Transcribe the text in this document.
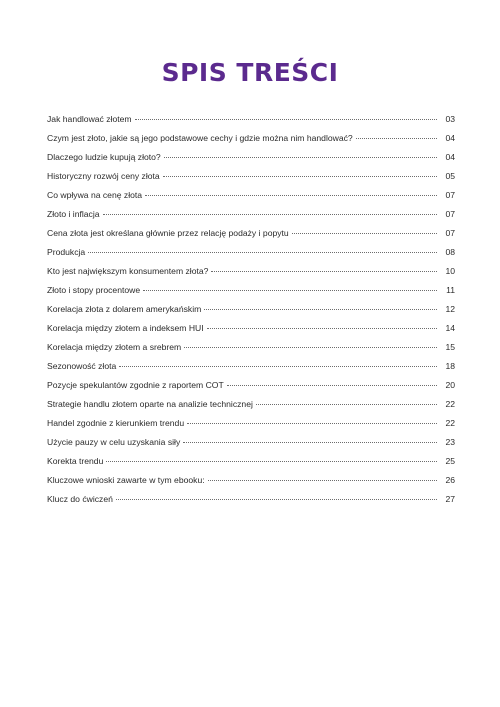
SPIS TREŚCI
Jak handlować złotem	03
Czym jest złoto, jakie są jego podstawowe cechy i gdzie można nim handlować?	04
Dlaczego ludzie kupują złoto?	04
Historyczny rozwój ceny złota	05
Co wpływa na cenę złota	07
Złoto i inflacja	07
Cena złota jest określana głównie przez relację podaży i popytu	07
Produkcja	08
Kto jest największym konsumentem złota?	10
Złoto i stopy procentowe	11
Korelacja złota z dolarem amerykańskim	12
Korelacja między złotem a indeksem HUI	14
Korelacja między złotem a srebrem	15
Sezonowość złota	18
Pozycje spekulantów zgodnie z raportem COT	20
Strategie handlu złotem oparte na analizie technicznej	22
Handel zgodnie z kierunkiem trendu	22
Użycie pauzy w celu uzyskania siły	23
Korekta trendu	25
Kluczowe wnioski zawarte w tym ebooku:	26
Klucz do ćwiczeń	27
